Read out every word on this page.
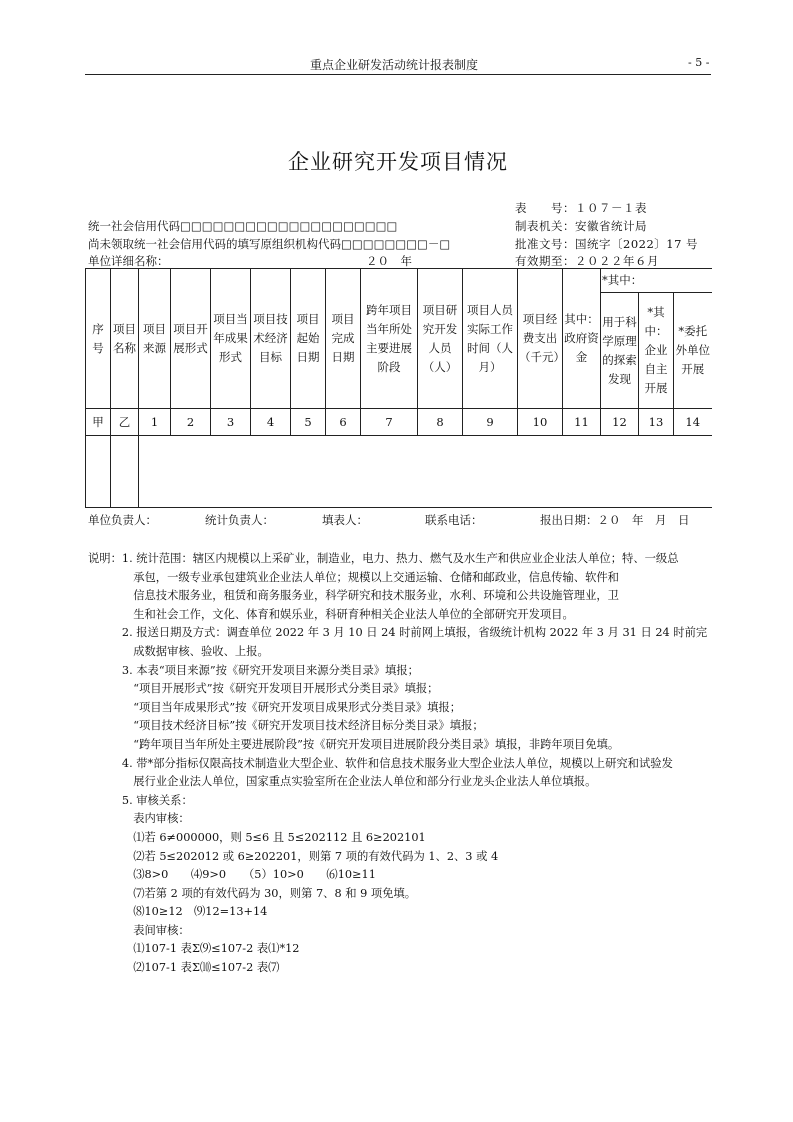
重点企业研发活动统计报表制度	- 5 -
企业研究开发项目情况
表　　号：１０７－１表
制表机关：安徽省统计局
批准文号：国统字〔2022〕17 号
有效期至：２０２２年６月
统一社会信用代码□□□□□□□□□□□□□□□□□□□□
尚未领取统一社会信用代码的填写原组织机构代码□□□□□□□□－□
单位详细名称：	２０　年
序号	项目名称	项目来源	项目开展形式	项目当年成果形式	项目技术经济目标	项目起始日期	项目完成日期	跨年项目当年所处主要进展阶段	项目研究开发人员（人）	项目人员实际工作时间（人月）	项目经费支出（千元）	其中：政府资金	*其中：		
													用于科学原理的探索发现	*其中：企业自主开展	*委托外单位开展
甲	乙	1	2	3	4	5	6	7	8	9	10	11	12	13	14

单位负责人：	统计负责人：	填表人：	联系电话：	报出日期：２０　年　月　日
说明：1. 统计范围：辖区内规模以上采矿业，制造业，电力、热力、燃气及水生产和供应业企业法人单位；特、一级总
　　　　承包，一级专业承包建筑业企业法人单位；规模以上交通运输、仓储和邮政业，信息传输、软件和
　　　　信息技术服务业，租赁和商务服务业，科学研究和技术服务业，水利、环境和公共设施管理业，卫
　　　　生和社会工作，文化、体育和娱乐业，科研育种相关企业法人单位的全部研究开发项目。
　　　2. 报送日期及方式：调查单位 2022 年 3 月 10 日 24 时前网上填报，省级统计机构 2022 年 3 月 31 日 24 时前完
　　　　成数据审核、验收、上报。
　　　3. 本表“项目来源”按《研究开发项目来源分类目录》填报；
　　　　“项目开展形式”按《研究开发项目开展形式分类目录》填报；
　　　　“项目当年成果形式”按《研究开发项目成果形式分类目录》填报；
　　　　“项目技术经济目标”按《研究开发项目技术经济目标分类目录》填报；
　　　　“跨年项目当年所处主要进展阶段”按《研究开发项目进展阶段分类目录》填报，非跨年项目免填。
　　　4. 带*部分指标仅限高技术制造业大型企业、软件和信息技术服务业大型企业法人单位，规模以上研究和试验发
　　　　展行业企业法人单位，国家重点实验室所在企业法人单位和部分行业龙头企业法人单位填报。
　　　5. 审核关系：
　　　　表内审核：
　　　　⑴若 6≠000000，则 5≤6 且 5≤202112 且 6≥202101
　　　　⑵若 5≤202012 或 6≥202201，则第 7 项的有效代码为 1、2、3 或 4
　　　　⑶8>0　　⑷9>0　　（5）10>0　　⑹10≥11
　　　　⑺若第 2 项的有效代码为 30，则第 7、8 和 9 项免填。
　　　　⑻10≥12　⑼12=13+14
　　　　表间审核：
　　　　⑴107-1 表Σ⑼≤107-2 表⑴*12
　　　　⑵107-1 表Σ⑽≤107-2 表⑺
